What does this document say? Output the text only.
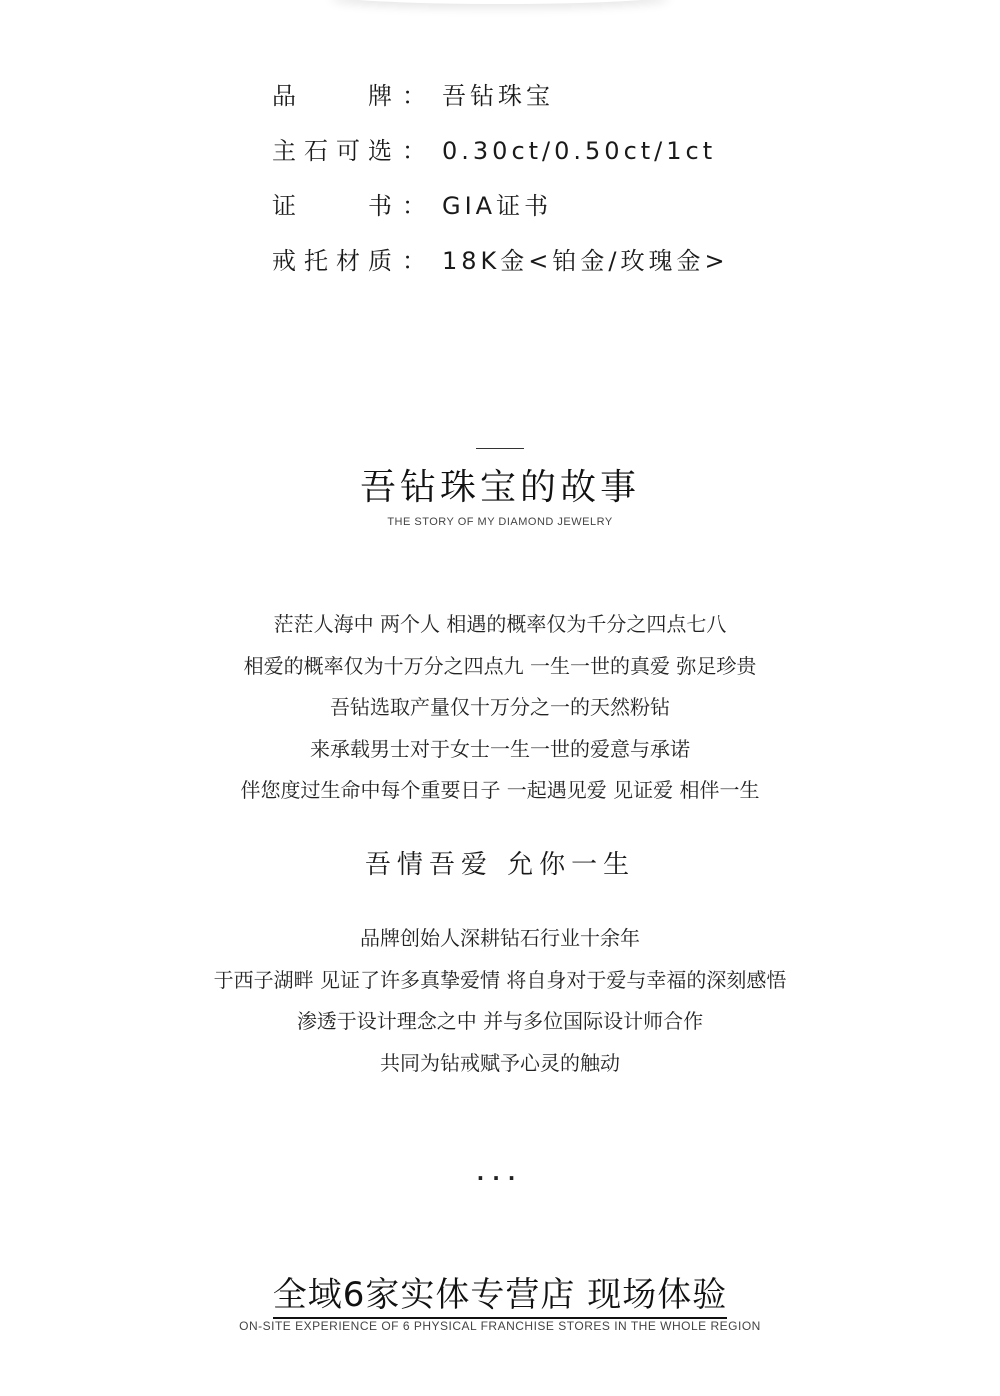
品	牌 ： 吾钻珠宝
主 石 可 选 ： 0.30ct/0.50ct/1ct
证	书 ： GIA证书
戒 托 材 质 ： 18K金<铂金/玫瑰金>
吾钻珠宝的故事
THE STORY OF MY DIAMOND JEWELRY
茫茫人海中 两个人 相遇的概率仅为千分之四点七八
相爱的概率仅为十万分之四点九 一生一世的真爱 弥足珍贵
吾钻选取产量仅十万分之一的天然粉钻
来承载男士对于女士一生一世的爱意与承诺
伴您度过生命中每个重要日子 一起遇见爱 见证爱 相伴一生
吾情吾爱 允你一生
品牌创始人深耕钻石行业十余年
于西子湖畔 见证了许多真挚爱情 将自身对于爱与幸福的深刻感悟
渗透于设计理念之中 并与多位国际设计师合作
共同为钻戒赋予心灵的触动
...
全域6家实体专营店 现场体验
ON-SITE EXPERIENCE OF 6 PHYSICAL FRANCHISE STORES IN THE WHOLE REGION
